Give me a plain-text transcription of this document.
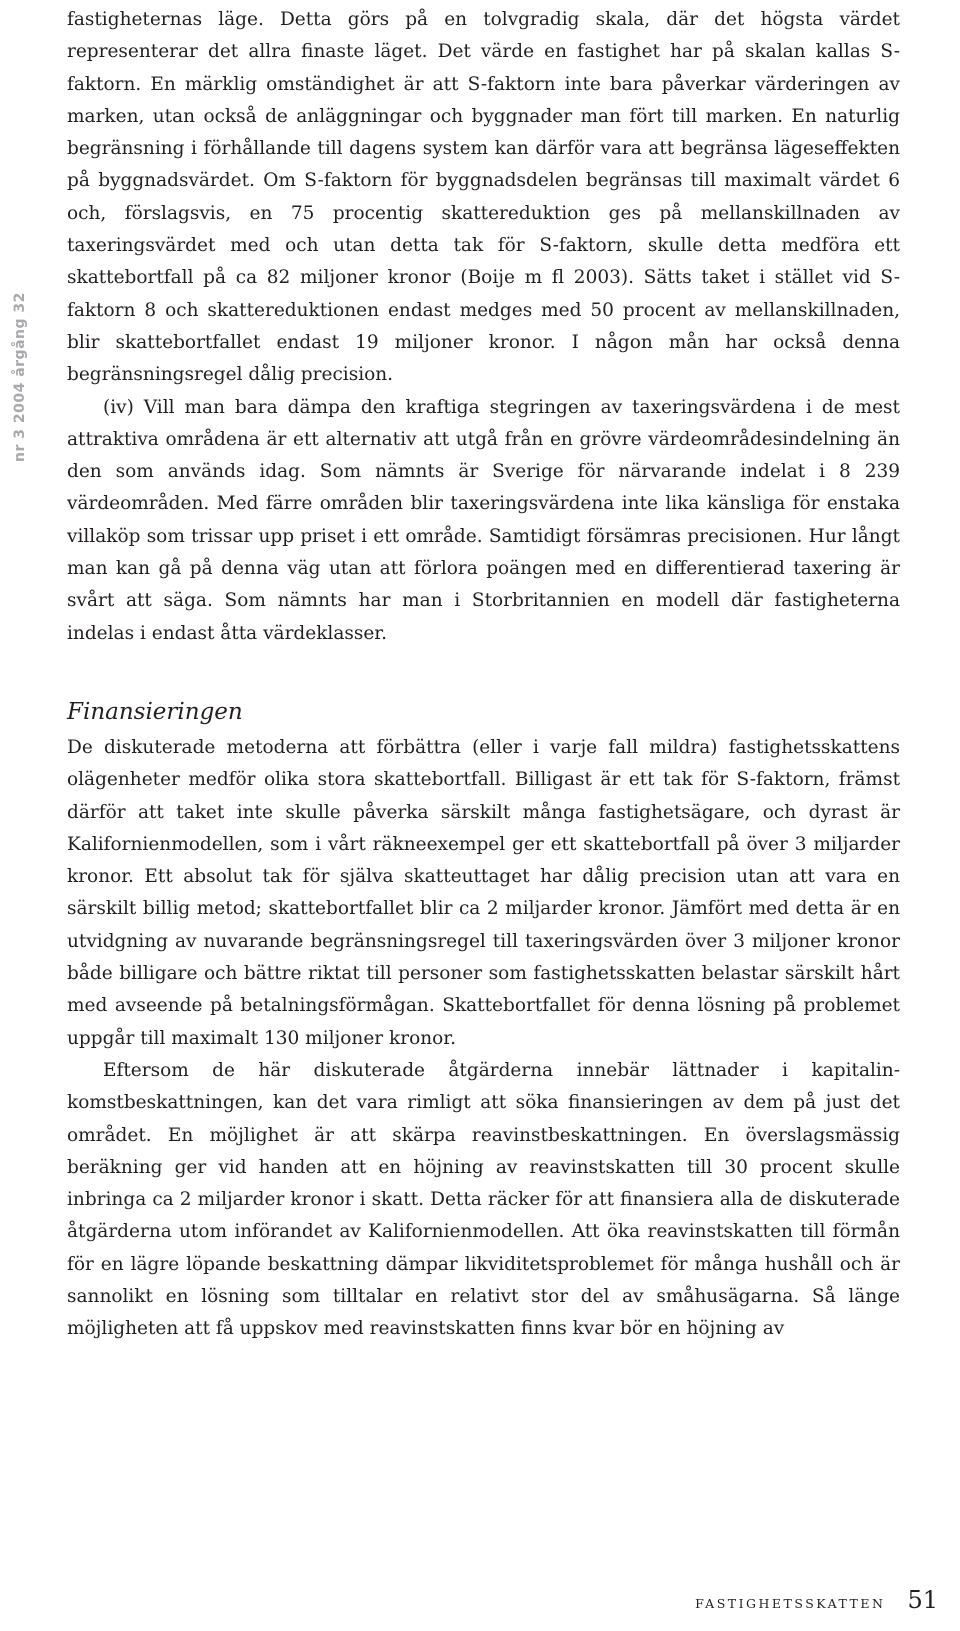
nr 3 2004 årgång 32

fastigheternas läge. Detta görs på en tolvgradig skala, där det högsta värdet representerar det allra finaste läget. Det värde en fastighet har på skalan kallas S-faktorn. En märklig omständighet är att S-faktorn inte bara påverkar värderingen av marken, utan också de anläggningar och byggnader man fört till marken. En naturlig begränsning i förhållande till dagens system kan därför vara att begränsa lägeseffekten på byggnadsvärdet. Om S-faktorn för byggnadsdelen begränsas till maximalt värdet 6 och, förslagsvis, en 75 procentig skattereduktion ges på mellanskillnaden av taxeringsvärdet med och utan detta tak för S-faktorn, skulle detta medföra ett skattebortfall på ca 82 miljoner kronor (Boije m fl 2003). Sätts taket i stället vid S-faktorn 8 och skattereduktionen endast medges med 50 procent av mellanskillnaden, blir skattebortfallet endast 19 miljoner kronor. I någon mån har också denna begränsningsregel dålig precision.

(iv) Vill man bara dämpa den kraftiga stegringen av taxeringsvärdena i de mest attraktiva områdena är ett alternativ att utgå från en grövre värdeområdesindelning än den som används idag. Som nämnts är Sverige för närvarande indelat i 8 239 värdeområden. Med färre områden blir taxeringsvärdena inte lika känsliga för enstaka villaköp som trissar upp priset i ett område. Samtidigt försämras precisionen. Hur långt man kan gå på denna väg utan att förlora poängen med en differentierad taxering är svårt att säga. Som nämnts har man i Storbritannien en modell där fastigheterna indelas i endast åtta värdeklasser.

Finansieringen

De diskuterade metoderna att förbättra (eller i varje fall mildra) fastighetsskattens olägenheter medför olika stora skattebortfall. Billigast är ett tak för S-faktorn, främst därför att taket inte skulle påverka särskilt många fastighetsägare, och dyrast är Kalifornienmodellen, som i vårt räkneexempel ger ett skattebortfall på över 3 miljarder kronor. Ett absolut tak för själva skatteuttaget har dålig precision utan att vara en särskilt billig metod; skattebortfallet blir ca 2 miljarder kronor. Jämfört med detta är en utvidgning av nuvarande begränsningsregel till taxeringsvärden över 3 miljoner kronor både billigare och bättre riktat till personer som fastighetsskatten belastar särskilt hårt med avseende på betalningsförmågan. Skattebortfallet för denna lösning på problemet uppgår till maximalt 130 miljoner kronor.

Eftersom de här diskuterade åtgärderna innebär lättnader i kapitalinkomstbeskattningen, kan det vara rimligt att söka finansieringen av dem på just det området. En möjlighet är att skärpa reavinstbeskattningen. En överslagsmässig beräkning ger vid handen att en höjning av reavinstskatten till 30 procent skulle inbringa ca 2 miljarder kronor i skatt. Detta räcker för att finansiera alla de diskuterade åtgärderna utom införandet av Kalifornienmodellen. Att öka reavinstskatten till förmån för en lägre löpande beskattning dämpar likviditetsproblemet för många hushåll och är sannolikt en lösning som tilltalar en relativt stor del av småhusägarna. Så länge möjligheten att få uppskov med reavinstskatten finns kvar bör en höjning av

FASTIGHETSSKATTEN 51
